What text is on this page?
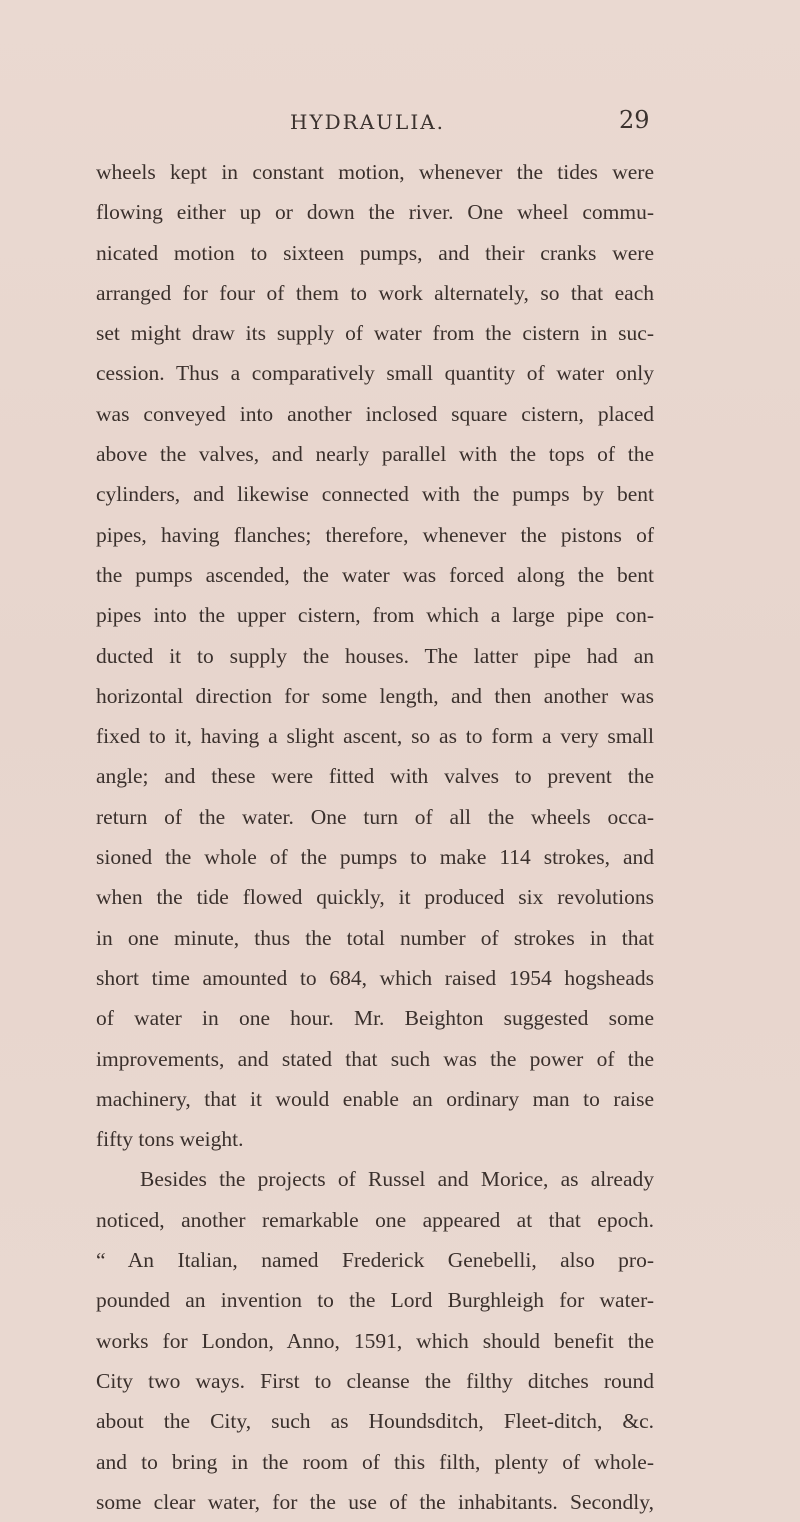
HYDRAULIA.	29
wheels kept in constant motion, whenever the tides were
flowing either up or down the river. One wheel commu-
nicated motion to sixteen pumps, and their cranks were
arranged for four of them to work alternately, so that each
set might draw its supply of water from the cistern in suc-
cession. Thus a comparatively small quantity of water only
was conveyed into another inclosed square cistern, placed
above the valves, and nearly parallel with the tops of the
cylinders, and likewise connected with the pumps by bent
pipes, having flanches; therefore, whenever the pistons of
the pumps ascended, the water was forced along the bent
pipes into the upper cistern, from which a large pipe con-
ducted it to supply the houses. The latter pipe had an
horizontal direction for some length, and then another was
fixed to it, having a slight ascent, so as to form a very small
angle; and these were fitted with valves to prevent the
return of the water. One turn of all the wheels occa-
sioned the whole of the pumps to make 114 strokes, and
when the tide flowed quickly, it produced six revolutions
in one minute, thus the total number of strokes in that
short time amounted to 684, which raised 1954 hogsheads
of water in one hour. Mr. Beighton suggested some
improvements, and stated that such was the power of the
machinery, that it would enable an ordinary man to raise
fifty tons weight.
Besides the projects of Russel and Morice, as already
noticed, another remarkable one appeared at that epoch.
“ An Italian, named Frederick Genebelli, also pro-
pounded an invention to the Lord Burghleigh for water-
works for London, Anno, 1591, which should benefit the
City two ways. First to cleanse the filthy ditches round
about the City, such as Houndsditch, Fleet-ditch, &c.
and to bring in the room of this filth, plenty of whole-
some clear water, for the use of the inhabitants. Secondly,
